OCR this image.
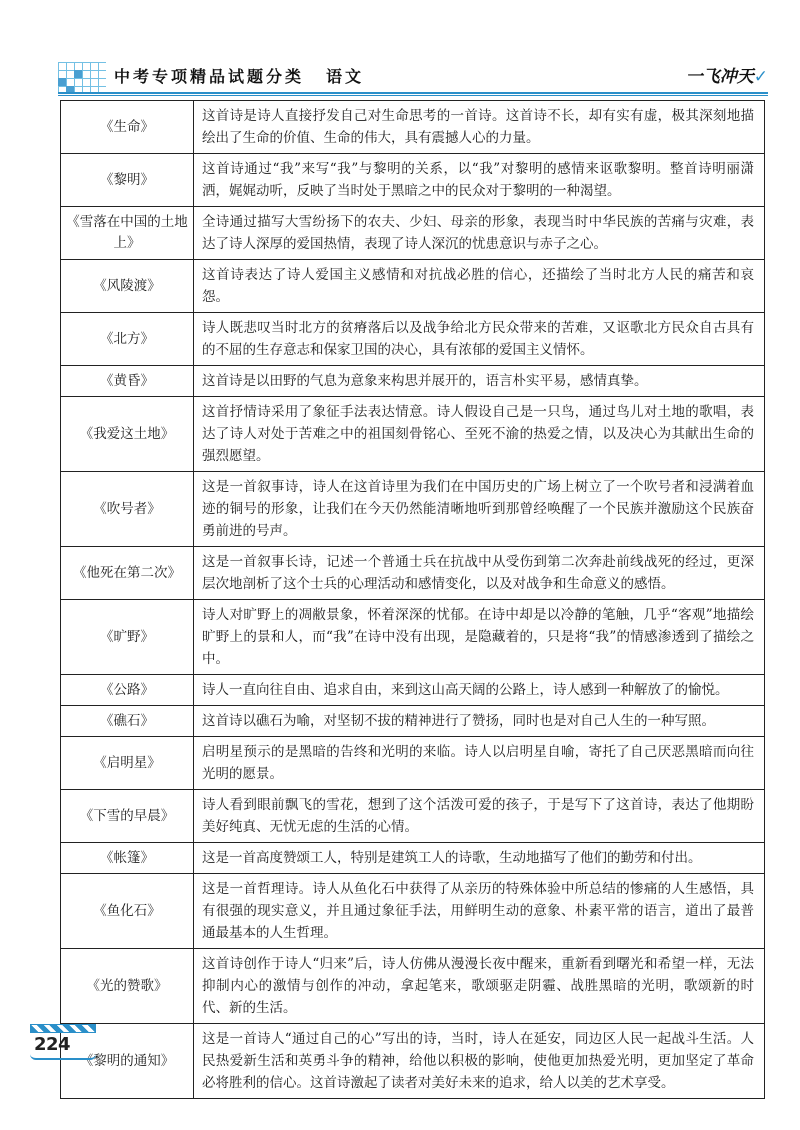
中考专项精品试题分类 语文	一飞冲天✓
《生命》	这首诗是诗人直接抒发自己对生命思考的一首诗。这首诗不长，却有实有虚，极其深刻地描绘出了生命的价值、生命的伟大，具有震撼人心的力量。
《黎明》	这首诗通过“我”来写“我”与黎明的关系，以“我”对黎明的感情来讴歌黎明。整首诗明丽潇洒，娓娓动听，反映了当时处于黑暗之中的民众对于黎明的一种渴望。
《雪落在中国的土地上》	全诗通过描写大雪纷扬下的农夫、少妇、母亲的形象，表现当时中华民族的苦痛与灾难，表达了诗人深厚的爱国热情，表现了诗人深沉的忧患意识与赤子之心。
《风陵渡》	这首诗表达了诗人爱国主义感情和对抗战必胜的信心，还描绘了当时北方人民的痛苦和哀怨。
《北方》	诗人既悲叹当时北方的贫瘠落后以及战争给北方民众带来的苦难，又讴歌北方民众自古具有的不屈的生存意志和保家卫国的决心，具有浓郁的爱国主义情怀。
《黄昏》	这首诗是以田野的气息为意象来构思并展开的，语言朴实平易，感情真挚。
《我爱这土地》	这首抒情诗采用了象征手法表达情意。诗人假设自己是一只鸟，通过鸟儿对土地的歌唱，表达了诗人对处于苦难之中的祖国刻骨铭心、至死不渝的热爱之情，以及决心为其献出生命的强烈愿望。
《吹号者》	这是一首叙事诗，诗人在这首诗里为我们在中国历史的广场上树立了一个吹号者和浸满着血迹的铜号的形象，让我们在今天仍然能清晰地听到那曾经唤醒了一个民族并激励这个民族奋勇前进的号声。
《他死在第二次》	这是一首叙事长诗，记述一个普通士兵在抗战中从受伤到第二次奔赴前线战死的经过，更深层次地剖析了这个士兵的心理活动和感情变化，以及对战争和生命意义的感悟。
《旷野》	诗人对旷野上的凋敝景象，怀着深深的忧郁。在诗中却是以冷静的笔触，几乎“客观”地描绘旷野上的景和人，而“我”在诗中没有出现，是隐藏着的，只是将“我”的情感渗透到了描绘之中。
《公路》	诗人一直向往自由、追求自由，来到这山高天阔的公路上，诗人感到一种解放了的愉悦。
《礁石》	这首诗以礁石为喻，对坚韧不拔的精神进行了赞扬，同时也是对自己人生的一种写照。
《启明星》	启明星预示的是黑暗的告终和光明的来临。诗人以启明星自喻，寄托了自己厌恶黑暗而向往光明的愿景。
《下雪的早晨》	诗人看到眼前飘飞的雪花，想到了这个活泼可爱的孩子，于是写下了这首诗，表达了他期盼美好纯真、无忧无虑的生活的心情。
《帐篷》	这是一首高度赞颂工人，特别是建筑工人的诗歌，生动地描写了他们的勤劳和付出。
《鱼化石》	这是一首哲理诗。诗人从鱼化石中获得了从亲历的特殊体验中所总结的惨痛的人生感悟，具有很强的现实意义，并且通过象征手法，用鲜明生动的意象、朴素平常的语言，道出了最普通最基本的人生哲理。
《光的赞歌》	这首诗创作于诗人“归来”后，诗人仿佛从漫漫长夜中醒来，重新看到曙光和希望一样，无法抑制内心的激情与创作的冲动，拿起笔来，歌颂驱走阴霾、战胜黑暗的光明，歌颂新的时代、新的生活。
《黎明的通知》	这是一首诗人“通过自己的心”写出的诗，当时，诗人在延安，同边区人民一起战斗生活。人民热爱新生活和英勇斗争的精神，给他以积极的影响，使他更加热爱光明，更加坚定了革命必将胜利的信心。这首诗激起了读者对美好未来的追求，给人以美的艺术享受。
224
